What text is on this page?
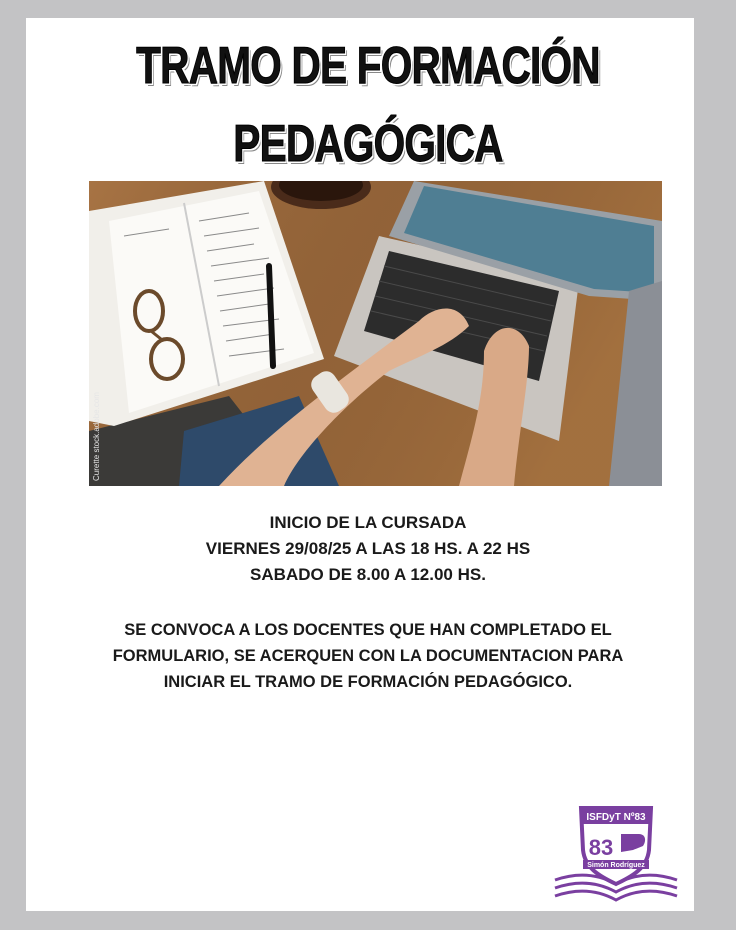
TRAMO DE FORMACIÓN
PEDAGÓGICA
Curette stock.adobe.com
INICIO DE LA CURSADA
VIERNES 29/08/25 A LAS 18 HS. A 22 HS
SABADO DE 8.00 A 12.00 HS.
SE CONVOCA A LOS DOCENTES QUE HAN COMPLETADO EL
FORMULARIO, SE ACERQUEN CON LA DOCUMENTACION PARA
INICIAR EL TRAMO DE FORMACIÓN PEDAGÓGICO.
ISFDyT Nº83
83
Simón Rodríguez
